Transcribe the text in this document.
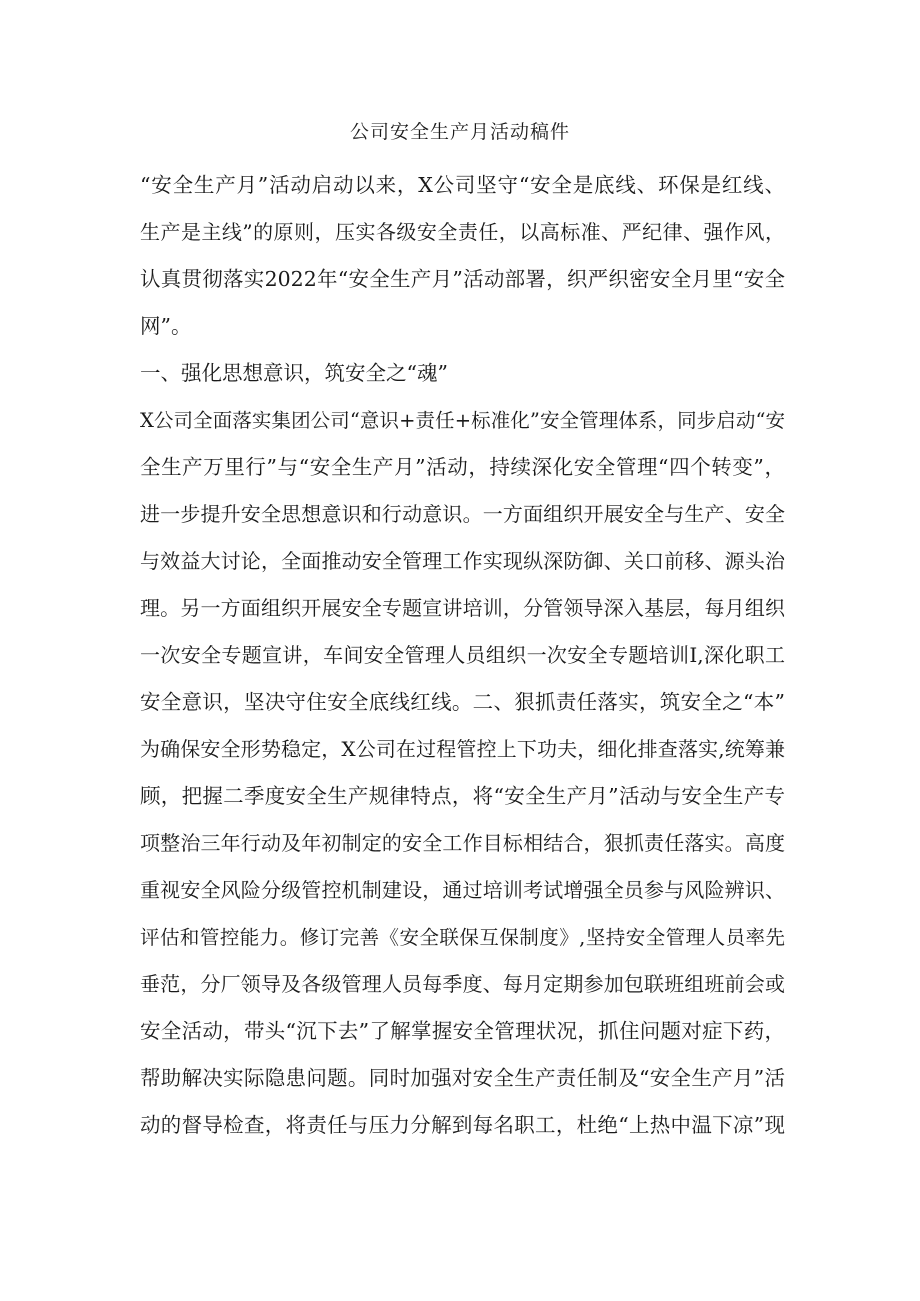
公司安全生产月活动稿件
“安全生产月”活动启动以来，X公司坚守“安全是底线、环保是红线、
生产是主线”的原则，压实各级安全责任，以高标准、严纪律、强作风，
认真贯彻落实2022年“安全生产月”活动部署，织严织密安全月里“安全
网”。
一、强化思想意识，筑安全之“魂”
X公司全面落实集团公司“意识+责任+标准化”安全管理体系，同步启动“安
全生产万里行”与“安全生产月”活动，持续深化安全管理“四个转变”，
进一步提升安全思想意识和行动意识。一方面组织开展安全与生产、安全
与效益大讨论，全面推动安全管理工作实现纵深防御、关口前移、源头治
理。另一方面组织开展安全专题宣讲培训，分管领导深入基层，每月组织
一次安全专题宣讲，车间安全管理人员组织一次安全专题培训I,深化职工
安全意识，坚决守住安全底线红线。二、狠抓责任落实，筑安全之“本”
为确保安全形势稳定，X公司在过程管控上下功夫，细化排查落实,统筹兼
顾，把握二季度安全生产规律特点，将“安全生产月”活动与安全生产专
项整治三年行动及年初制定的安全工作目标相结合，狠抓责任落实。高度
重视安全风险分级管控机制建设，通过培训考试增强全员参与风险辨识、
评估和管控能力。修订完善《安全联保互保制度》,坚持安全管理人员率先
垂范，分厂领导及各级管理人员每季度、每月定期参加包联班组班前会或
安全活动，带头“沉下去”了解掌握安全管理状况，抓住问题对症下药，
帮助解决实际隐患问题。同时加强对安全生产责任制及“安全生产月”活
动的督导检查，将责任与压力分解到每名职工，杜绝“上热中温下凉”现
